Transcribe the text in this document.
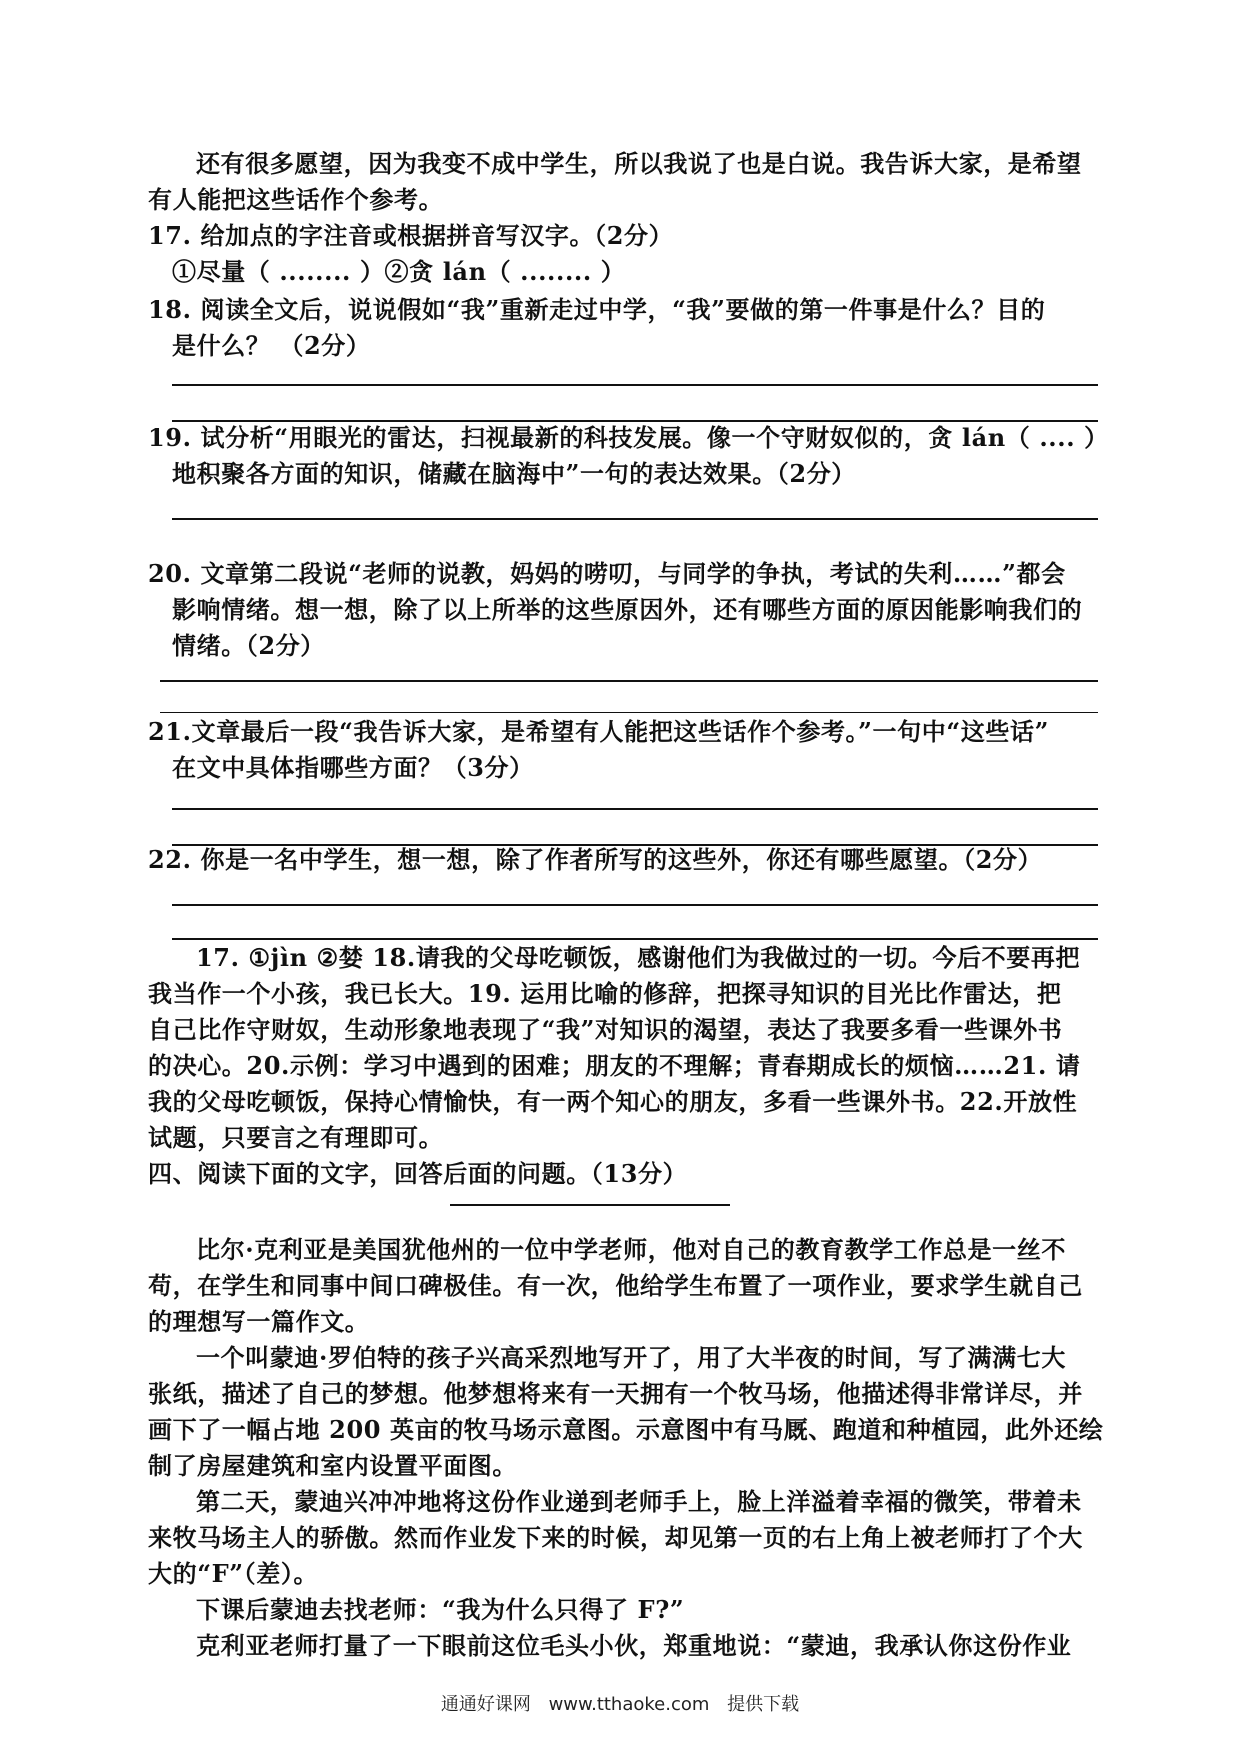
还有很多愿望，因为我变不成中学生，所以我说了也是白说。我告诉大家，是希望
有人能把这些话作个参考。
17. 给加点的字注音或根据拼音写汉字。（2分）
①尽量（ ........ ）②贪 lán（ ........ ）
18. 阅读全文后，说说假如“我”重新走过中学，“我”要做的第一件事是什么？目的
是什么？ （2分）
19. 试分析“用眼光的雷达，扫视最新的科技发展。像一个守财奴似的，贪 lán（ .... ）
地积聚各方面的知识，储藏在脑海中”一句的表达效果。（2分）
20. 文章第二段说“老师的说教，妈妈的唠叨，与同学的争执，考试的失利……”都会
影响情绪。想一想，除了以上所举的这些原因外，还有哪些方面的原因能影响我们的
情绪。（2分）
21.文章最后一段“我告诉大家，是希望有人能把这些话作个参考。”一句中“这些话”
在文中具体指哪些方面？（3分）
22. 你是一名中学生，想一想，除了作者所写的这些外，你还有哪些愿望。（2分）
17. ①jìn ②婪 18.请我的父母吃顿饭，感谢他们为我做过的一切。今后不要再把
我当作一个小孩，我已长大。19. 运用比喻的修辞，把探寻知识的目光比作雷达，把
自己比作守财奴，生动形象地表现了“我”对知识的渴望，表达了我要多看一些课外书
的决心。20.示例：学习中遇到的困难；朋友的不理解；青春期成长的烦恼……21. 请
我的父母吃顿饭，保持心情愉快，有一两个知心的朋友，多看一些课外书。22.开放性
试题，只要言之有理即可。
四、阅读下面的文字，回答后面的问题。（13分）
比尔·克利亚是美国犹他州的一位中学老师，他对自己的教育教学工作总是一丝不
苟，在学生和同事中间口碑极佳。有一次，他给学生布置了一项作业，要求学生就自己
的理想写一篇作文。
一个叫蒙迪·罗伯特的孩子兴高采烈地写开了，用了大半夜的时间，写了满满七大
张纸，描述了自己的梦想。他梦想将来有一天拥有一个牧马场，他描述得非常详尽，并
画下了一幅占地 200 英亩的牧马场示意图。示意图中有马厩、跑道和种植园，此外还绘
制了房屋建筑和室内设置平面图。
第二天，蒙迪兴冲冲地将这份作业递到老师手上，脸上洋溢着幸福的微笑，带着未
来牧马场主人的骄傲。然而作业发下来的时候，却见第一页的右上角上被老师打了个大
大的“F”（差）。
下课后蒙迪去找老师：“我为什么只得了 F?”
克利亚老师打量了一下眼前这位毛头小伙，郑重地说：“蒙迪，我承认你这份作业
通通好课网 www.tthaoke.com 提供下载
